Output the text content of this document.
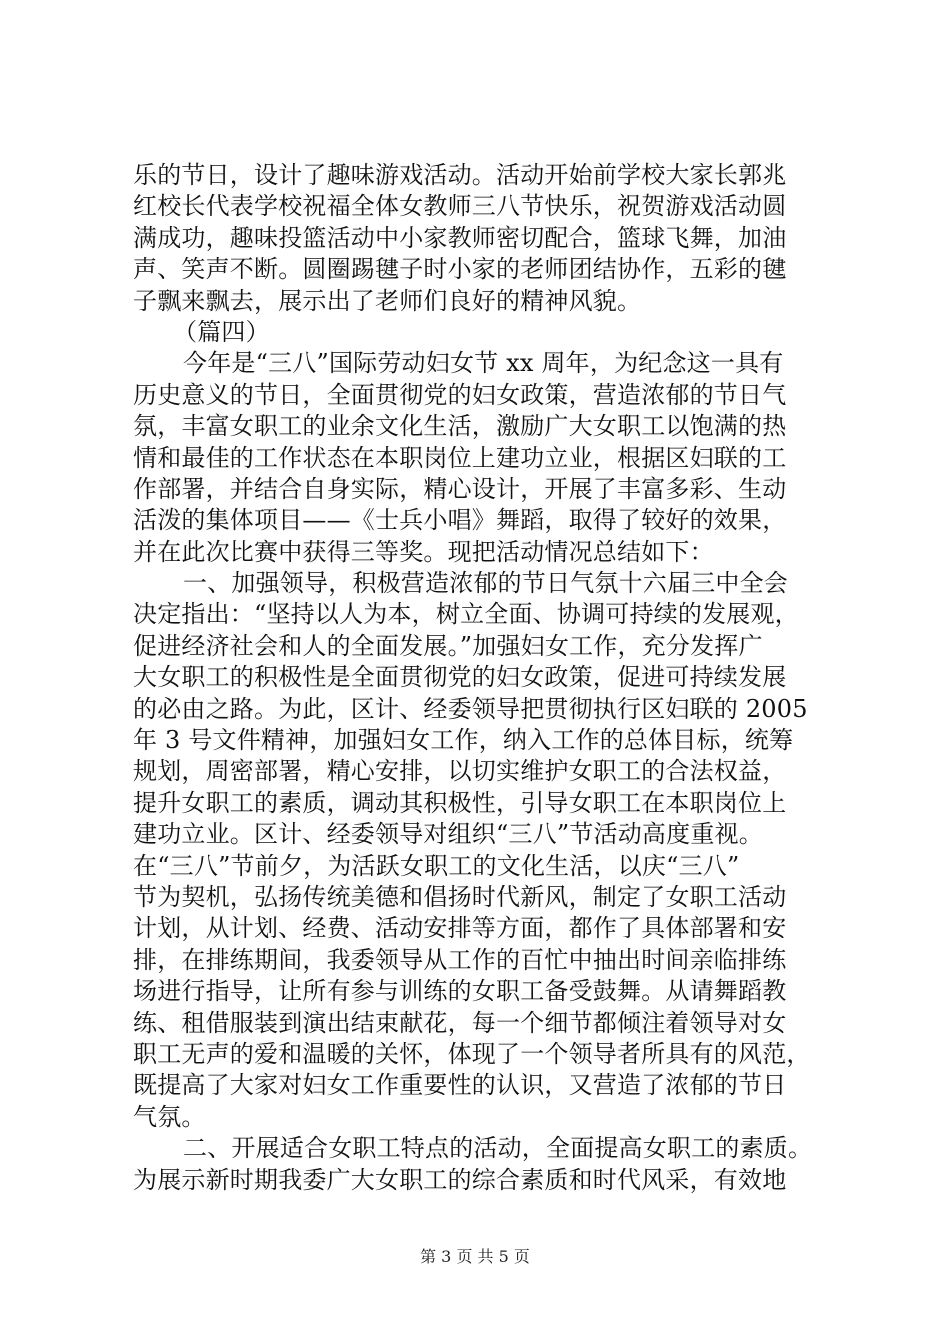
乐的节日，设计了趣味游戏活动。活动开始前学校大家长郭兆
红校长代表学校祝福全体女教师三八节快乐，祝贺游戏活动圆
满成功，趣味投篮活动中小家教师密切配合，篮球飞舞，加油
声、笑声不断。圆圈踢毽子时小家的老师团结协作，五彩的毽
子飘来飘去，展示出了老师们良好的精神风貌。
（篇四）
今年是“三八”国际劳动妇女节 xx 周年，为纪念这一具有
历史意义的节日，全面贯彻党的妇女政策，营造浓郁的节日气
氛，丰富女职工的业余文化生活，激励广大女职工以饱满的热
情和最佳的工作状态在本职岗位上建功立业，根据区妇联的工
作部署，并结合自身实际，精心设计，开展了丰富多彩、生动
活泼的集体项目——《士兵小唱》舞蹈，取得了较好的效果，
并在此次比赛中获得三等奖。现把活动情况总结如下：
一、加强领导，积极营造浓郁的节日气氛十六届三中全会
决定指出：“坚持以人为本，树立全面、协调可持续的发展观，
促进经济社会和人的全面发展。”加强妇女工作，充分发挥广
大女职工的积极性是全面贯彻党的妇女政策，促进可持续发展
的必由之路。为此，区计、经委领导把贯彻执行区妇联的 2005
年 3 号文件精神，加强妇女工作，纳入工作的总体目标，统筹
规划，周密部署，精心安排，以切实维护女职工的合法权益，
提升女职工的素质，调动其积极性，引导女职工在本职岗位上
建功立业。区计、经委领导对组织“三八”节活动高度重视。
在“三八”节前夕，为活跃女职工的文化生活，以庆“三八”
节为契机，弘扬传统美德和倡扬时代新风，制定了女职工活动
计划，从计划、经费、活动安排等方面，都作了具体部署和安
排，在排练期间，我委领导从工作的百忙中抽出时间亲临排练
场进行指导，让所有参与训练的女职工备受鼓舞。从请舞蹈教
练、租借服装到演出结束献花，每一个细节都倾注着领导对女
职工无声的爱和温暖的关怀，体现了一个领导者所具有的风范，
既提高了大家对妇女工作重要性的认识，又营造了浓郁的节日
气氛。
二、开展适合女职工特点的活动，全面提高女职工的素质。
为展示新时期我委广大女职工的综合素质和时代风采，有效地
第 3 页 共 5 页
